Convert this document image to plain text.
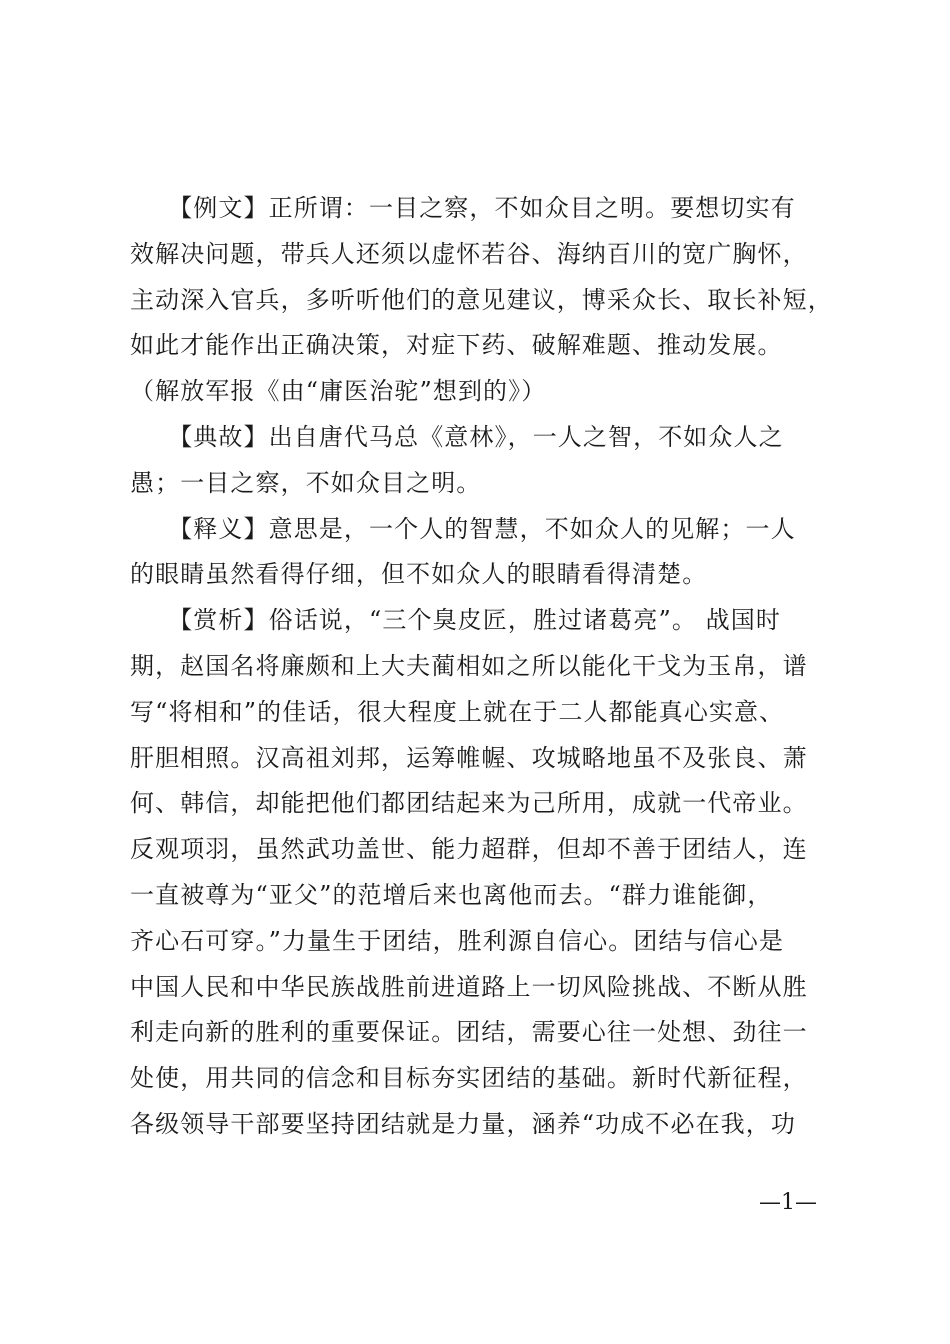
　　【例文】正所谓：一目之察，不如众目之明。要想切实有
效解决问题，带兵人还须以虚怀若谷、海纳百川的宽广胸怀，
主动深入官兵，多听听他们的意见建议，博采众长、取长补短，
如此才能作出正确决策，对症下药、破解难题、推动发展。
（解放军报《由“庸医治驼”想到的》）

　　【典故】出自唐代马总《意林》，一人之智，不如众人之
愚；一目之察，不如众目之明。

　　【释义】意思是，一个人的智慧，不如众人的见解；一人
的眼睛虽然看得仔细，但不如众人的眼睛看得清楚。

　　【赏析】俗话说，“三个臭皮匠，胜过诸葛亮”。 战国时
期，赵国名将廉颇和上大夫蔺相如之所以能化干戈为玉帛，谱
写“将相和”的佳话，很大程度上就在于二人都能真心实意、
肝胆相照。汉高祖刘邦，运筹帷幄、攻城略地虽不及张良、萧
何、韩信，却能把他们都团结起来为己所用，成就一代帝业。
反观项羽，虽然武功盖世、能力超群，但却不善于团结人，连
一直被尊为“亚父”的范增后来也离他而去。“群力谁能御，
齐心石可穿。”力量生于团结，胜利源自信心。团结与信心是
中国人民和中华民族战胜前进道路上一切风险挑战、不断从胜
利走向新的胜利的重要保证。团结，需要心往一处想、劲往一
处使，用共同的信念和目标夯实团结的基础。新时代新征程，
各级领导干部要坚持团结就是力量，涵养“功成不必在我，功

—1—
